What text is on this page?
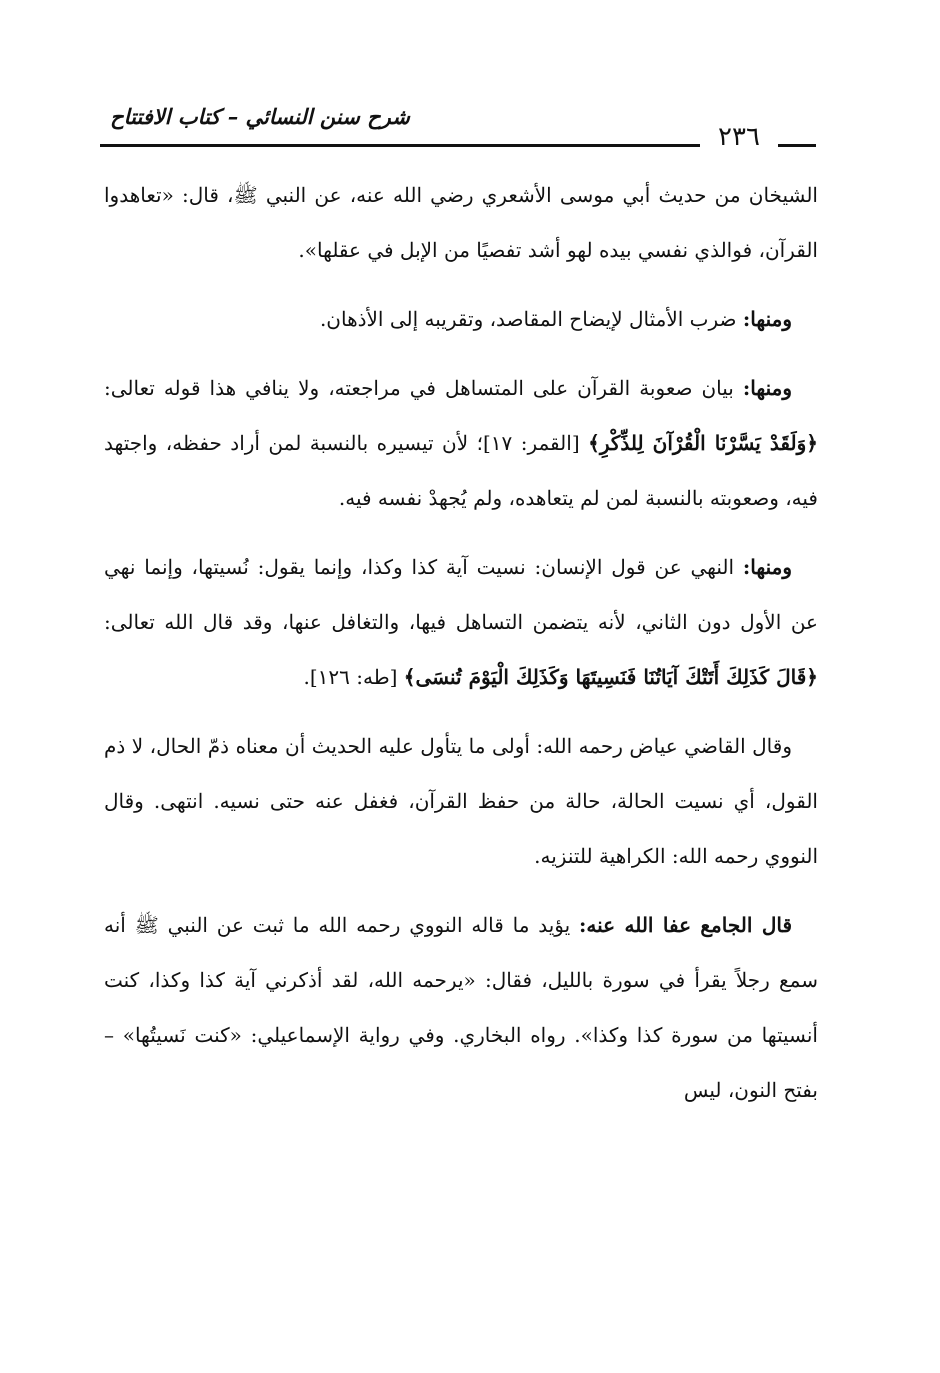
شرح سنن النسائي – كتاب الافتتاح
٢٣٦

الشيخان من حديث أبي موسى الأشعري رضي الله عنه، عن النبي ﷺ، قال: «تعاهدوا القرآن، فوالذي نفسي بيده لهو أشد تفصيًا من الإبل في عقلها».

ومنها: ضرب الأمثال لإيضاح المقاصد، وتقريبه إلى الأذهان.

ومنها: بيان صعوبة القرآن على المتساهل في مراجعته، ولا ينافي هذا قوله تعالى: ﴿وَلَقَدْ يَسَّرْنَا الْقُرْآنَ لِلذِّكْرِ﴾ [القمر: ١٧]؛ لأن تيسيره بالنسبة لمن أراد حفظه، واجتهد فيه، وصعوبته بالنسبة لمن لم يتعاهده، ولم يُجهدْ نفسه فيه.

ومنها: النهي عن قول الإنسان: نسيت آية كذا وكذا، وإنما يقول: نُسيتها، وإنما نهي عن الأول دون الثاني، لأنه يتضمن التساهل فيها، والتغافل عنها، وقد قال الله تعالى: ﴿قَالَ كَذَلِكَ أَتَتْكَ آيَاتُنَا فَنَسِيتَهَا وَكَذَلِكَ الْيَوْمَ تُنسَى﴾ [طه: ١٢٦].

وقال القاضي عياض رحمه الله: أولى ما يتأول عليه الحديث أن معناه ذمّ الحال، لا ذم القول، أي نسيت الحالة، حالة من حفظ القرآن، فغفل عنه حتى نسيه. انتهى. وقال النووي رحمه الله: الكراهية للتنزيه.

قال الجامع عفا الله عنه: يؤيد ما قاله النووي رحمه الله ما ثبت عن النبي ﷺ أنه سمع رجلاً يقرأ في سورة بالليل، فقال: «يرحمه الله، لقد أذكرني آية كذا وكذا، كنت أنسيتها من سورة كذا وكذا». رواه البخاري. وفي رواية الإسماعيلي: «كنت نَسيتُها» – بفتح النون، ليس
